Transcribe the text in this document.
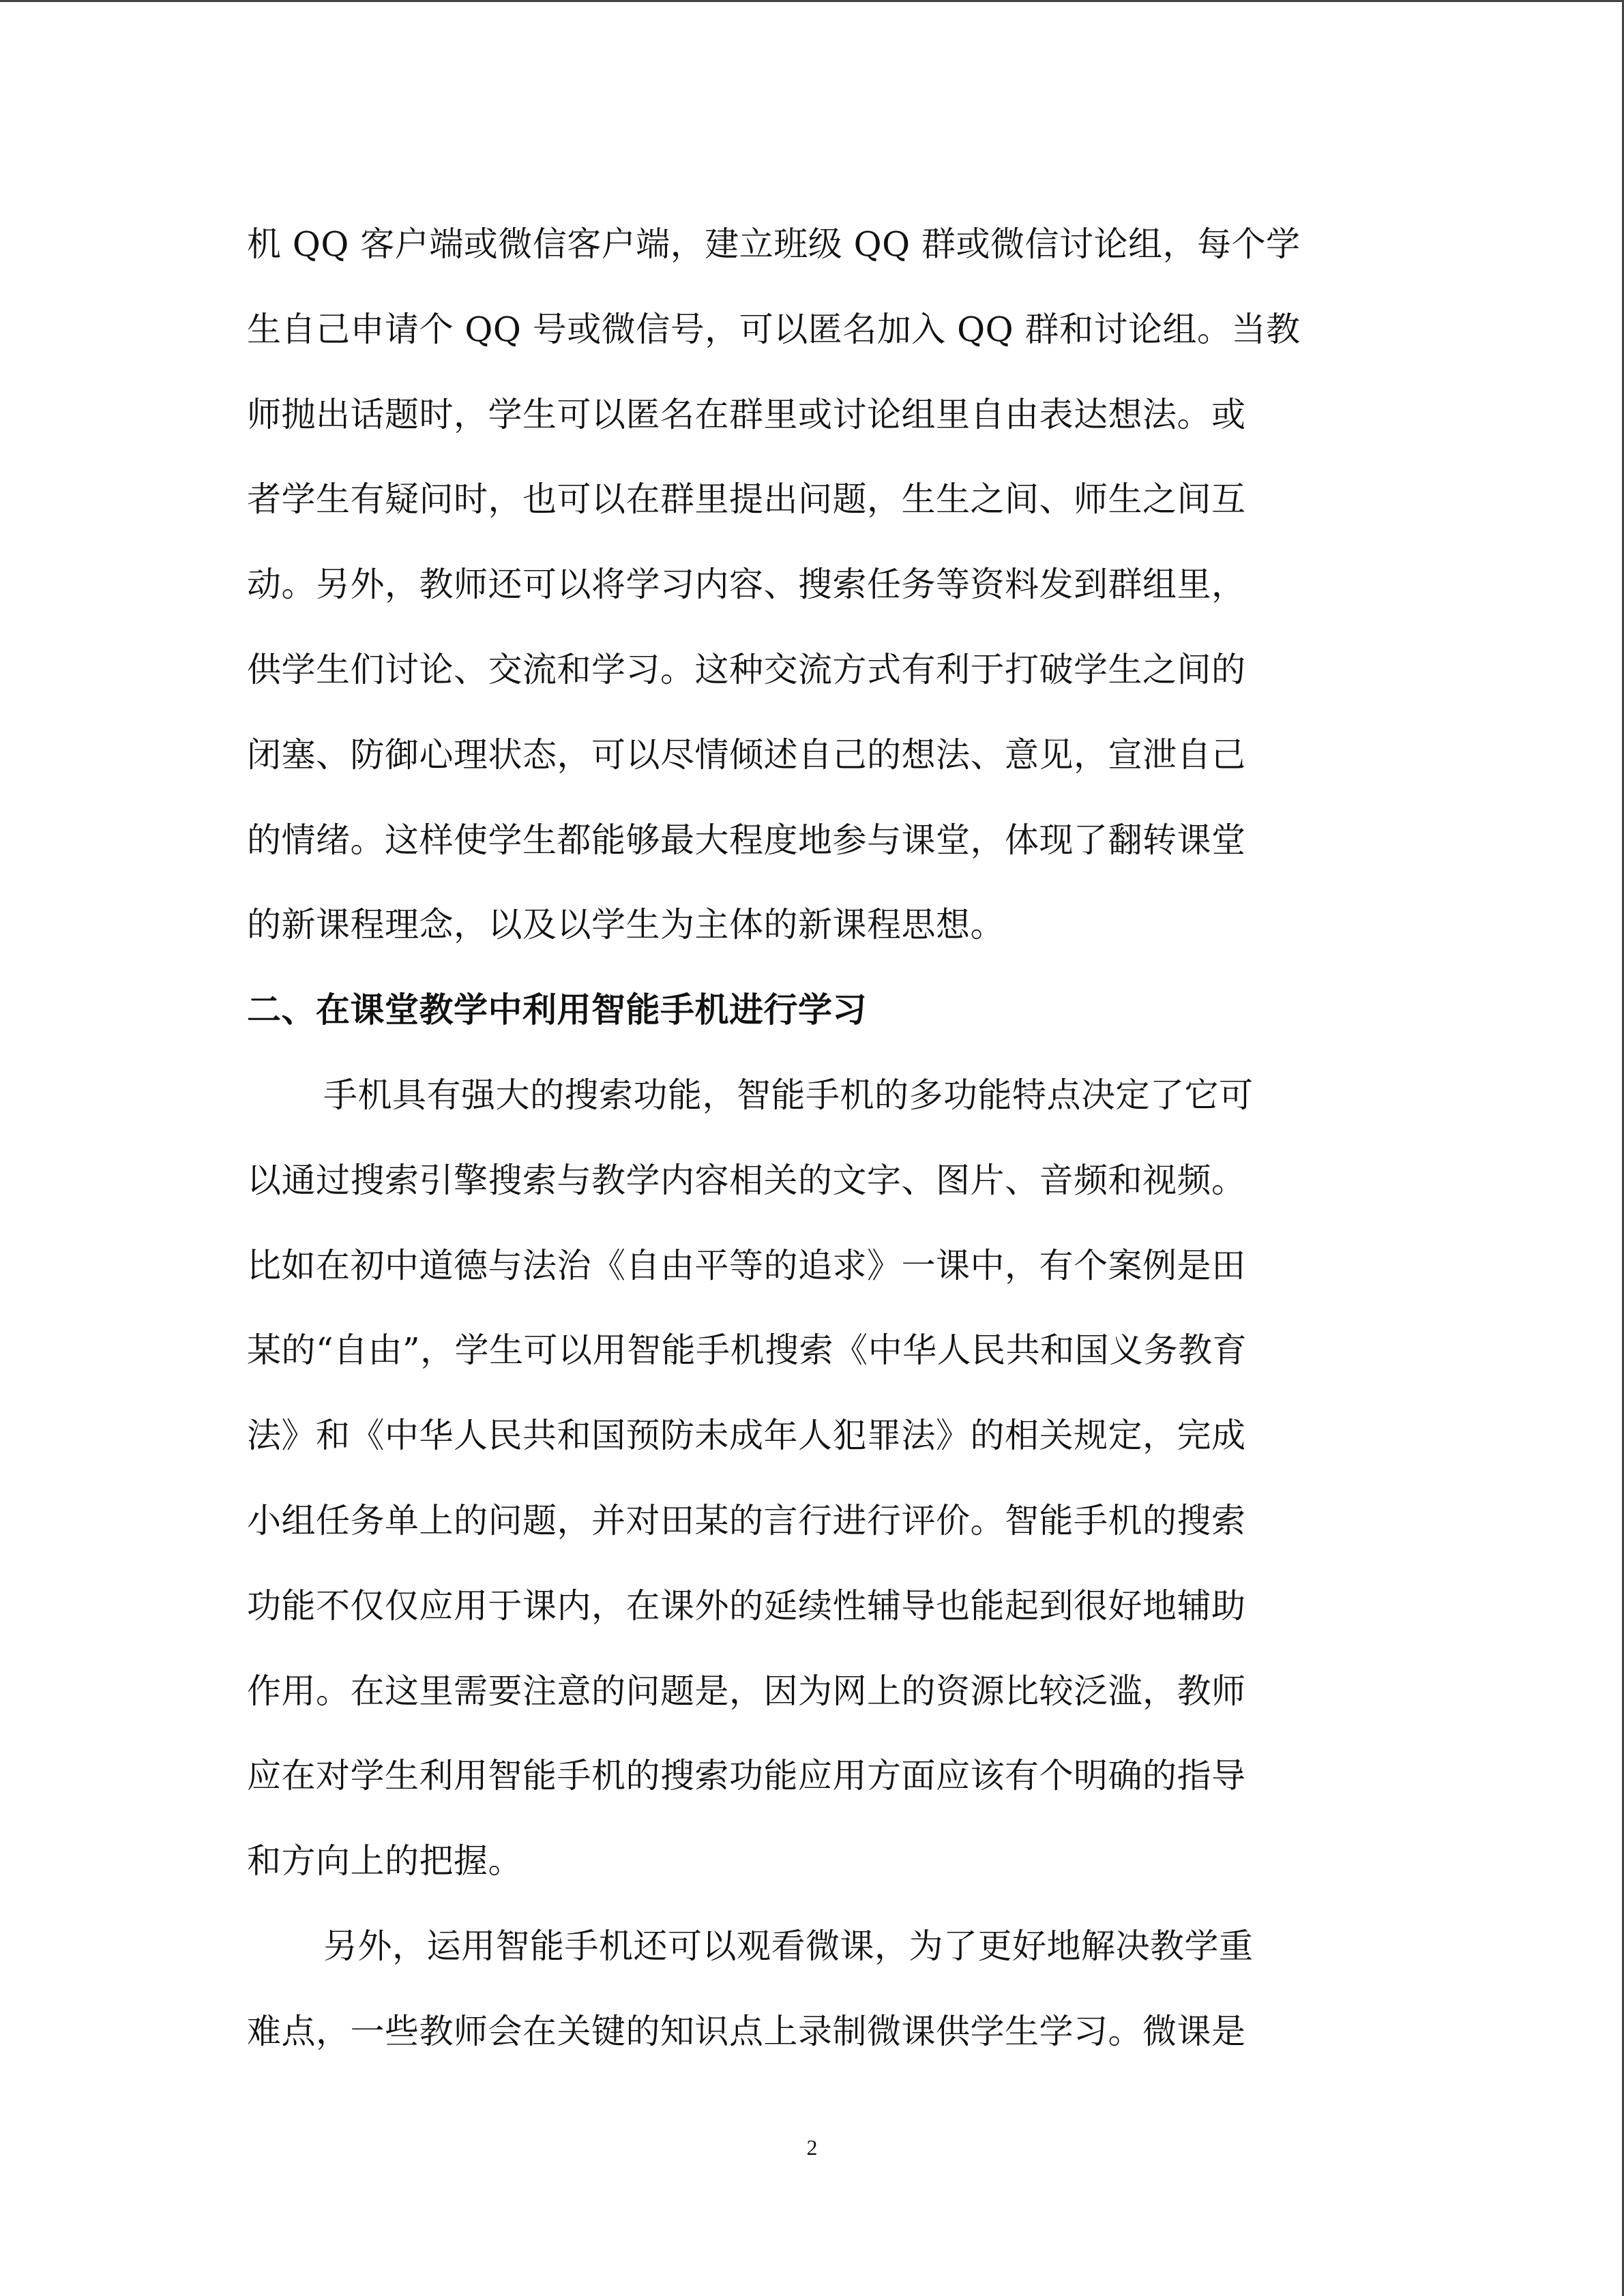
机 QQ 客户端或微信客户端，建立班级 QQ 群或微信讨论组，每个学
生自己申请个 QQ 号或微信号，可以匿名加入 QQ 群和讨论组。当教
师抛出话题时，学生可以匿名在群里或讨论组里自由表达想法。或
者学生有疑问时，也可以在群里提出问题，生生之间、师生之间互
动。另外，教师还可以将学习内容、搜索任务等资料发到群组里，
供学生们讨论、交流和学习。这种交流方式有利于打破学生之间的
闭塞、防御心理状态，可以尽情倾述自己的想法、意见，宣泄自己
的情绪。这样使学生都能够最大程度地参与课堂，体现了翻转课堂
的新课程理念，以及以学生为主体的新课程思想。
二、在课堂教学中利用智能手机进行学习
手机具有强大的搜索功能，智能手机的多功能特点决定了它可
以通过搜索引擎搜索与教学内容相关的文字、图片、音频和视频。
比如在初中道德与法治《自由平等的追求》一课中，有个案例是田
某的“自由”，学生可以用智能手机搜索《中华人民共和国义务教育
法》和《中华人民共和国预防未成年人犯罪法》的相关规定，完成
小组任务单上的问题，并对田某的言行进行评价。智能手机的搜索
功能不仅仅应用于课内，在课外的延续性辅导也能起到很好地辅助
作用。在这里需要注意的问题是，因为网上的资源比较泛滥，教师
应在对学生利用智能手机的搜索功能应用方面应该有个明确的指导
和方向上的把握。
另外，运用智能手机还可以观看微课，为了更好地解决教学重
难点，一些教师会在关键的知识点上录制微课供学生学习。微课是
2
